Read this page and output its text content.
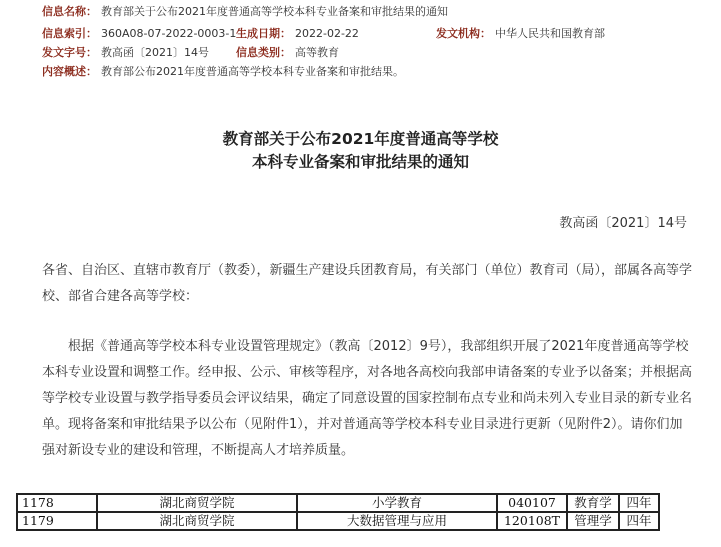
信息名称： 教育部关于公布2021年度普通高等学校本科专业备案和审批结果的通知
信息索引： 360A08-07-2022-0003-1 生成日期： 2022-02-22	发文机构： 中华人民共和国教育部
发文字号： 教高函〔2021〕14号 信息类别： 高等教育
内容概述： 教育部公布2021年度普通高等学校本科专业备案和审批结果。
教育部关于公布2021年度普通高等学校
本科专业备案和审批结果的通知
教高函〔2021〕14号

各省、自治区、直辖市教育厅（教委），新疆生产建设兵团教育局，有关部门（单位）教育司（局），部属各高等学校、部省合建各高等学校：

根据《普通高等学校本科专业设置管理规定》（教高〔2012〕9号），我部组织开展了2021年度普通高等学校本科专业设置和调整工作。经申报、公示、审核等程序，对各地各高校向我部申请备案的专业予以备案；并根据高等学校专业设置与教学指导委员会评议结果，确定了同意设置的国家控制布点专业和尚未列入专业目录的新专业名单。现将备案和审批结果予以公布（见附件1），并对普通高等学校本科专业目录进行更新（见附件2）。请你们加强对新设专业的建设和管理，不断提高人才培养质量。

1178	湖北商贸学院	小学教育	040107	教育学	四年
1179	湖北商贸学院	大数据管理与应用	120108T	管理学	四年
